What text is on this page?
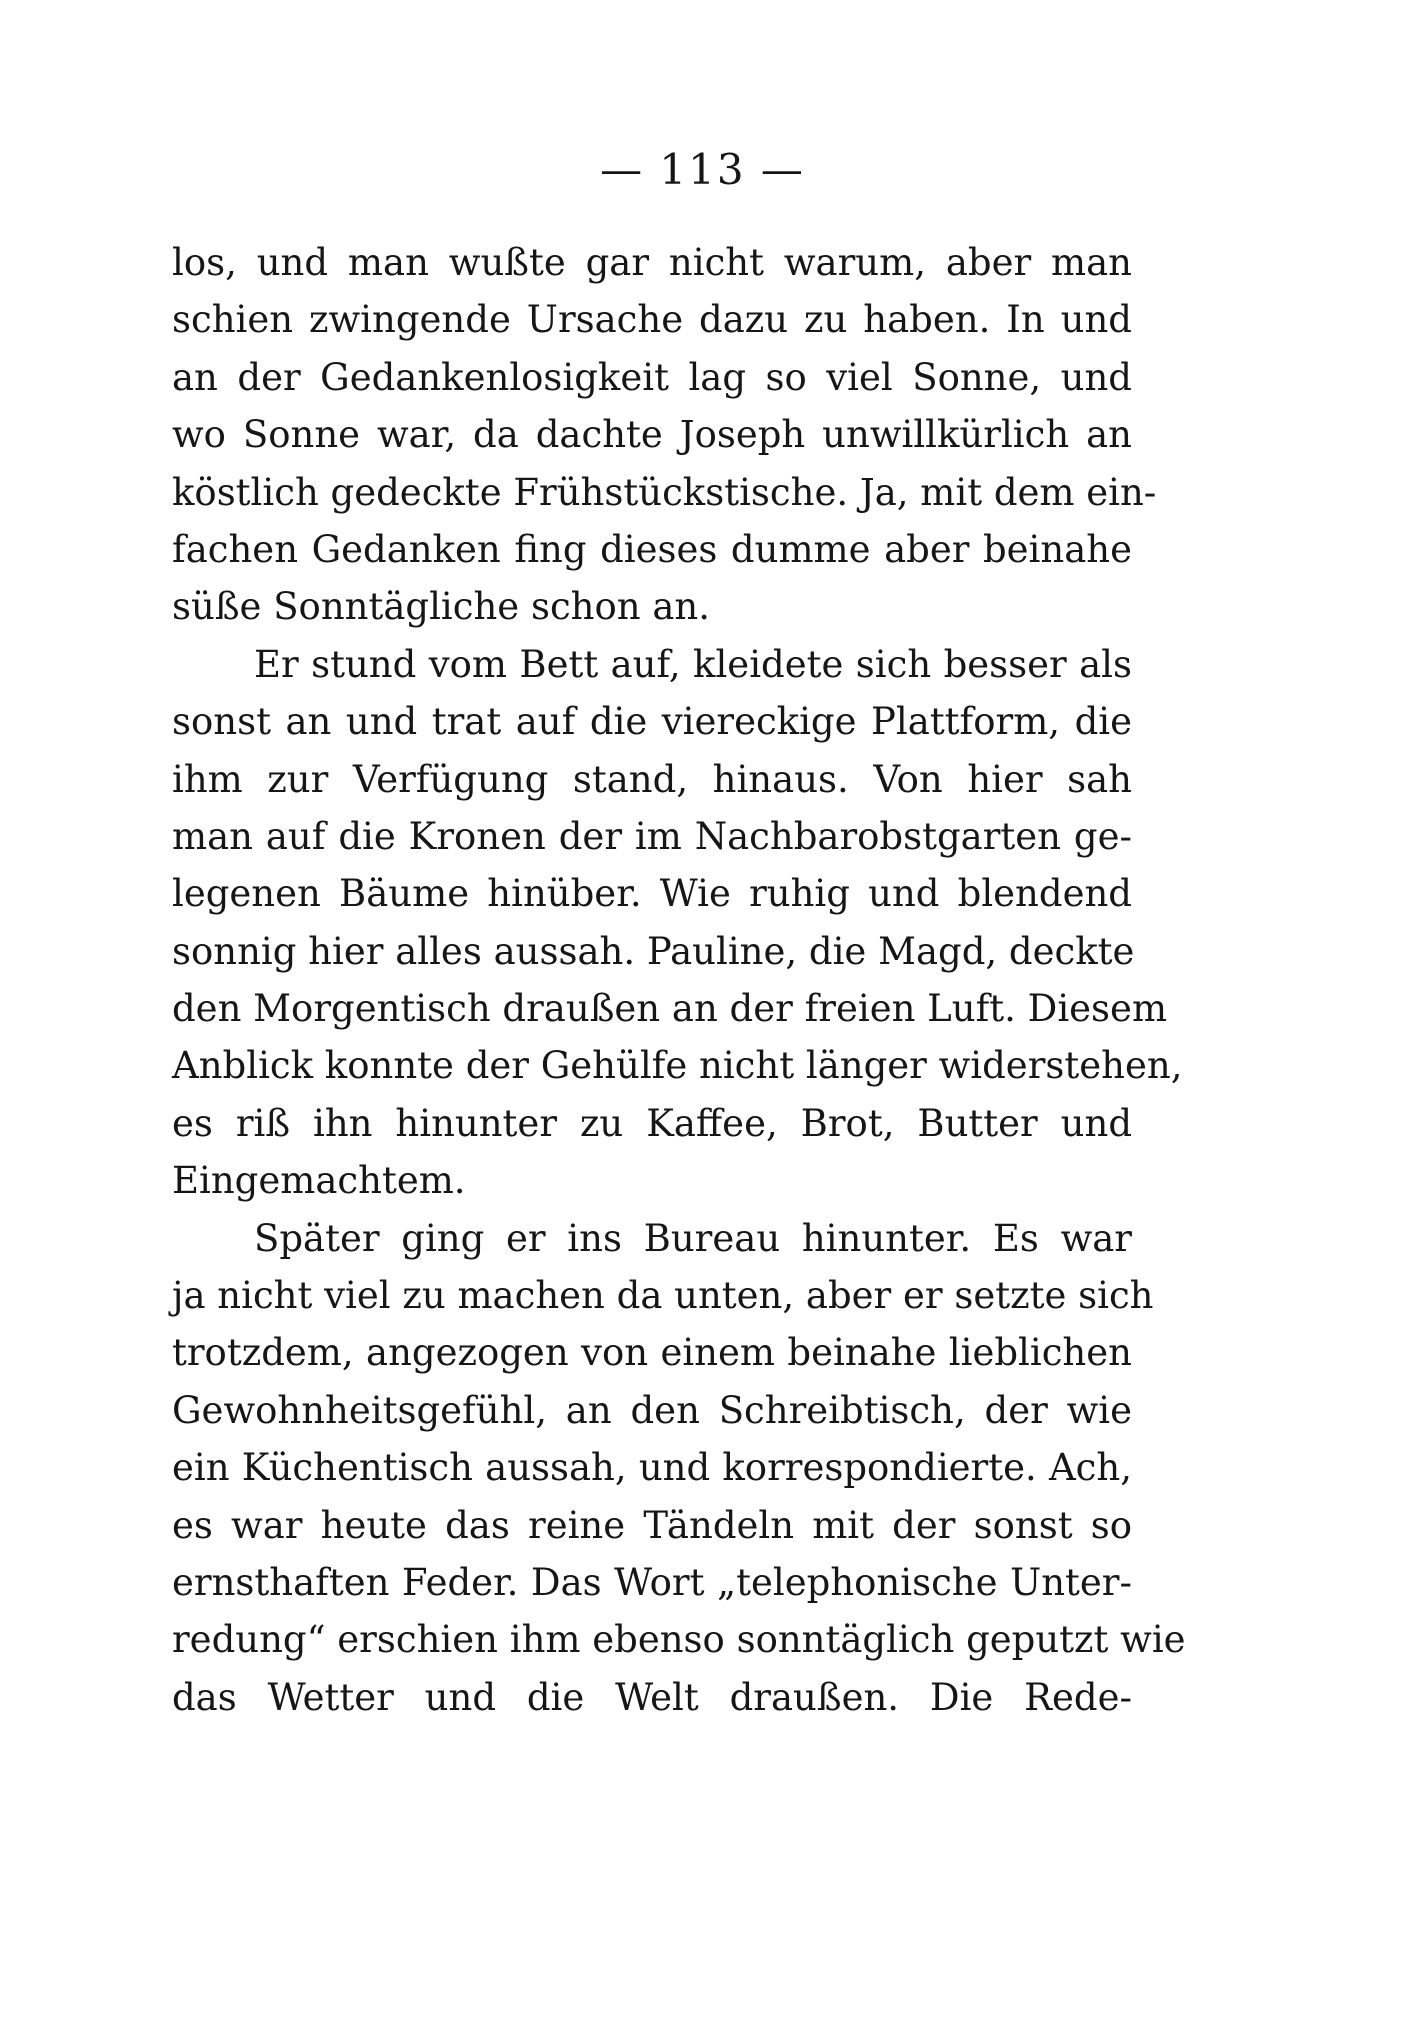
— 113 —
los, und man wußte gar nicht warum, aber man
schien zwingende Ursache dazu zu haben. In und
an der Gedankenlosigkeit lag so viel Sonne, und
wo Sonne war, da dachte Joseph unwillkürlich an
köstlich gedeckte Frühstückstische. Ja, mit dem ein-
fachen Gedanken fing dieses dumme aber beinahe
süße Sonntägliche schon an.
Er stund vom Bett auf, kleidete sich besser als
sonst an und trat auf die viereckige Plattform, die
ihm zur Verfügung stand, hinaus. Von hier sah
man auf die Kronen der im Nachbarobstgarten ge-
legenen Bäume hinüber. Wie ruhig und blendend
sonnig hier alles aussah. Pauline, die Magd, deckte
den Morgentisch draußen an der freien Luft. Diesem
Anblick konnte der Gehülfe nicht länger widerstehen,
es riß ihn hinunter zu Kaffee, Brot, Butter und
Eingemachtem.
Später ging er ins Bureau hinunter. Es war
ja nicht viel zu machen da unten, aber er setzte sich
trotzdem, angezogen von einem beinahe lieblichen
Gewohnheitsgefühl, an den Schreibtisch, der wie
ein Küchentisch aussah, und korrespondierte. Ach,
es war heute das reine Tändeln mit der sonst so
ernsthaften Feder. Das Wort „telephonische Unter-
redung“ erschien ihm ebenso sonntäglich geputzt wie
das Wetter und die Welt draußen. Die Rede-
